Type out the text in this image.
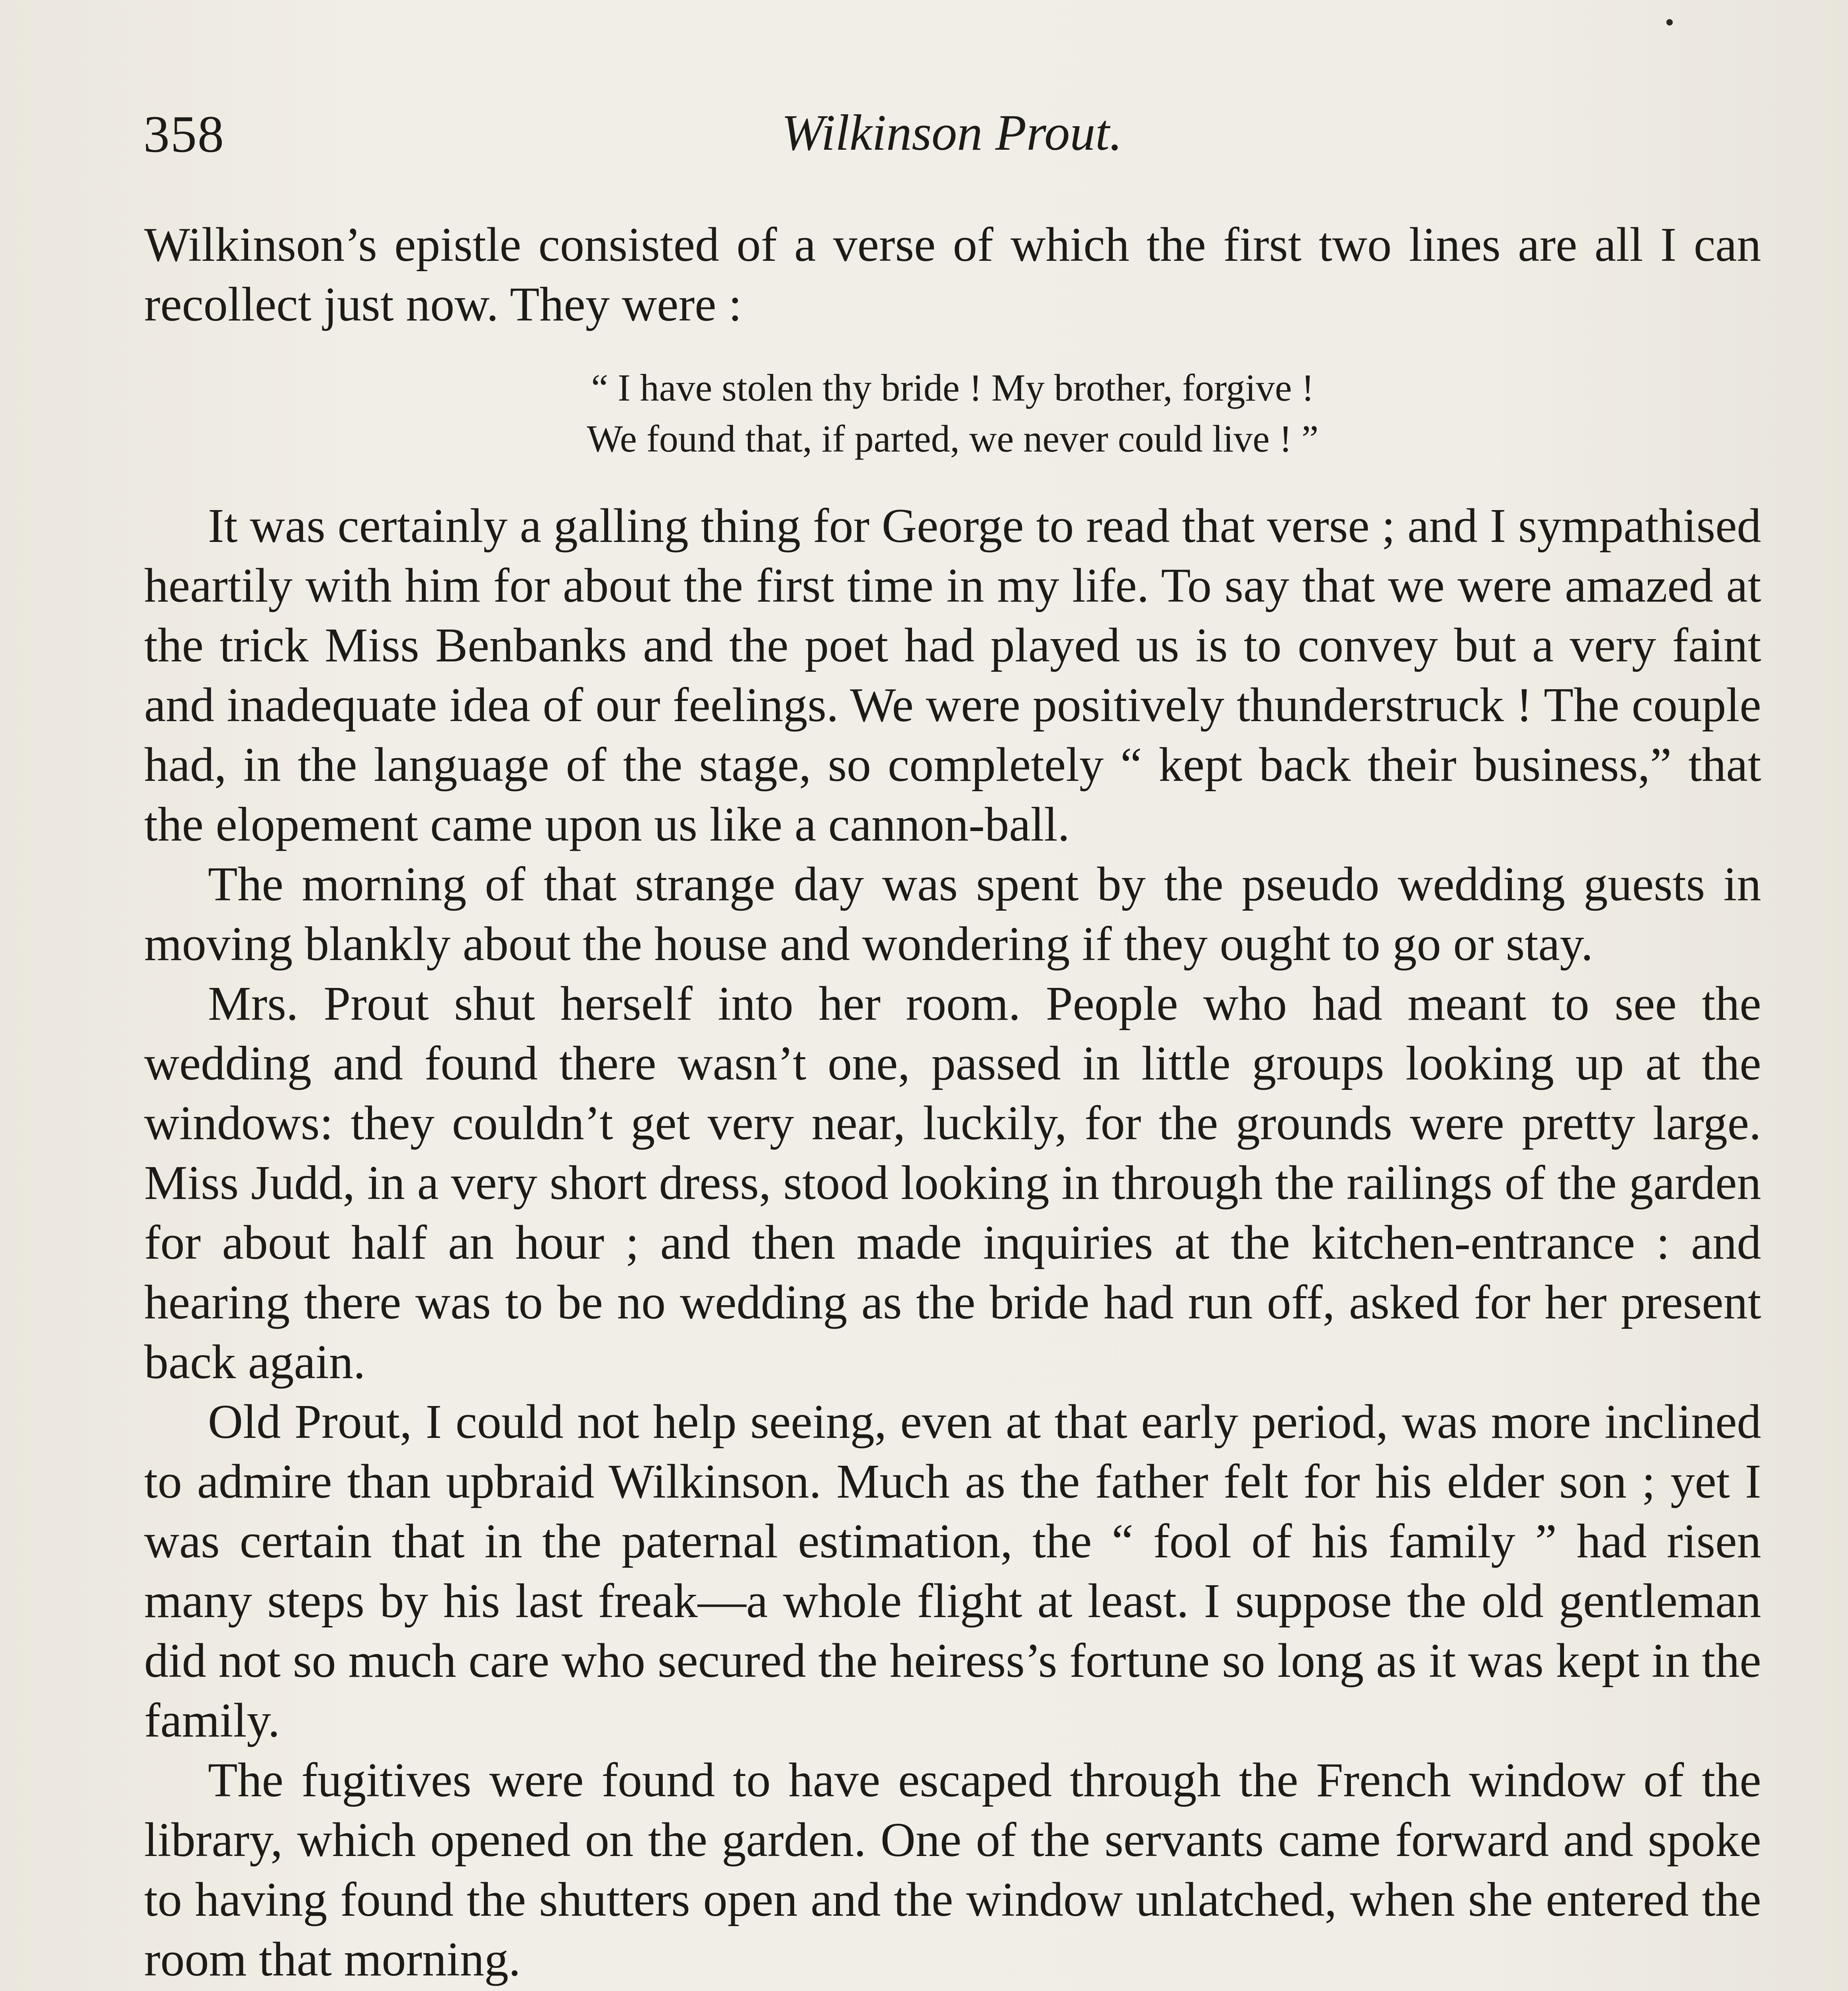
358	Wilkinson Prout.

Wilkinson’s epistle consisted of a verse of which the first two lines are all I can recollect just now. They were :

“ I have stolen thy bride ! My brother, forgive !
We found that, if parted, we never could live ! ”

It was certainly a galling thing for George to read that verse ; and I sympathised heartily with him for about the first time in my life. To say that we were amazed at the trick Miss Benbanks and the poet had played us is to convey but a very faint and inadequate idea of our feelings. We were positively thunderstruck ! The couple had, in the language of the stage, so completely “ kept back their business,” that the elopement came upon us like a cannon-ball.

The morning of that strange day was spent by the pseudo wedding guests in moving blankly about the house and wondering if they ought to go or stay.

Mrs. Prout shut herself into her room. People who had meant to see the wedding and found there wasn’t one, passed in little groups looking up at the windows: they couldn’t get very near, luckily, for the grounds were pretty large. Miss Judd, in a very short dress, stood looking in through the railings of the garden for about half an hour ; and then made inquiries at the kitchen-entrance : and hearing there was to be no wedding as the bride had run off, asked for her present back again.

Old Prout, I could not help seeing, even at that early period, was more inclined to admire than upbraid Wilkinson. Much as the father felt for his elder son ; yet I was certain that in the paternal estimation, the “ fool of his family ” had risen many steps by his last freak—a whole flight at least. I suppose the old gentleman did not so much care who secured the heiress’s fortune so long as it was kept in the family.

The fugitives were found to have escaped through the French window of the library, which opened on the garden. One of the servants came forward and spoke to having found the shutters open and the window unlatched, when she entered the room that morning.
